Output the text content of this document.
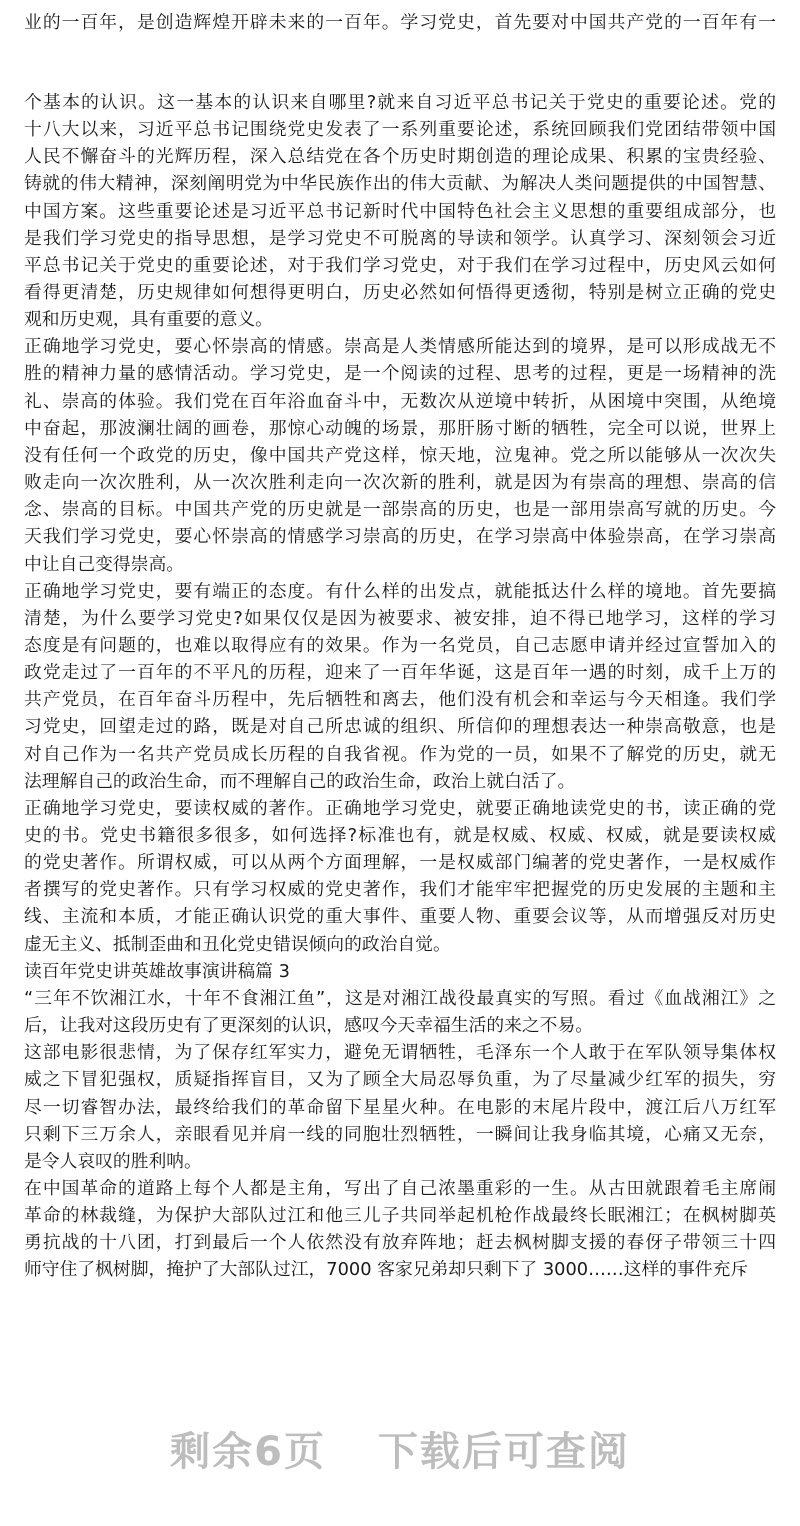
业的一百年，是创造辉煌开辟未来的一百年。学习党史，首先要对中国共产党的一百年有一
个基本的认识。这一基本的认识来自哪里?就来自习近平总书记关于党史的重要论述。党的
十八大以来，习近平总书记围绕党史发表了一系列重要论述，系统回顾我们党团结带领中国
人民不懈奋斗的光辉历程，深入总结党在各个历史时期创造的理论成果、积累的宝贵经验、
铸就的伟大精神，深刻阐明党为中华民族作出的伟大贡献、为解决人类问题提供的中国智慧、
中国方案。这些重要论述是习近平总书记新时代中国特色社会主义思想的重要组成部分，也
是我们学习党史的指导思想，是学习党史不可脱离的导读和领学。认真学习、深刻领会习近
平总书记关于党史的重要论述，对于我们学习党史，对于我们在学习过程中，历史风云如何
看得更清楚，历史规律如何想得更明白，历史必然如何悟得更透彻，特别是树立正确的党史
观和历史观，具有重要的意义。
正确地学习党史，要心怀崇高的情感。崇高是人类情感所能达到的境界，是可以形成战无不
胜的精神力量的感情活动。学习党史，是一个阅读的过程、思考的过程，更是一场精神的洗
礼、崇高的体验。我们党在百年浴血奋斗中，无数次从逆境中转折，从困境中突围，从绝境
中奋起，那波澜壮阔的画卷，那惊心动魄的场景，那肝肠寸断的牺牲，完全可以说，世界上
没有任何一个政党的历史，像中国共产党这样，惊天地，泣鬼神。党之所以能够从一次次失
败走向一次次胜利，从一次次胜利走向一次次新的胜利，就是因为有崇高的理想、崇高的信
念、崇高的目标。中国共产党的历史就是一部崇高的历史，也是一部用崇高写就的历史。今
天我们学习党史，要心怀崇高的情感学习崇高的历史，在学习崇高中体验崇高，在学习崇高
中让自己变得崇高。
正确地学习党史，要有端正的态度。有什么样的出发点，就能抵达什么样的境地。首先要搞
清楚，为什么要学习党史?如果仅仅是因为被要求、被安排，迫不得已地学习，这样的学习
态度是有问题的，也难以取得应有的效果。作为一名党员，自己志愿申请并经过宣誓加入的
政党走过了一百年的不平凡的历程，迎来了一百年华诞，这是百年一遇的时刻，成千上万的
共产党员，在百年奋斗历程中，先后牺牲和离去，他们没有机会和幸运与今天相逢。我们学
习党史，回望走过的路，既是对自己所忠诚的组织、所信仰的理想表达一种崇高敬意，也是
对自己作为一名共产党员成长历程的自我省视。作为党的一员，如果不了解党的历史，就无
法理解自己的政治生命，而不理解自己的政治生命，政治上就白活了。
正确地学习党史，要读权威的著作。正确地学习党史，就要正确地读党史的书，读正确的党
史的书。党史书籍很多很多，如何选择?标准也有，就是权威、权威、权威，就是要读权威
的党史著作。所谓权威，可以从两个方面理解，一是权威部门编著的党史著作，一是权威作
者撰写的党史著作。只有学习权威的党史著作，我们才能牢牢把握党的历史发展的主题和主
线、主流和本质，才能正确认识党的重大事件、重要人物、重要会议等，从而增强反对历史
虚无主义、抵制歪曲和丑化党史错误倾向的政治自觉。
读百年党史讲英雄故事演讲稿篇 3
“三年不饮湘江水，十年不食湘江鱼”，这是对湘江战役最真实的写照。看过《血战湘江》之
后，让我对这段历史有了更深刻的认识，感叹今天幸福生活的来之不易。
这部电影很悲情，为了保存红军实力，避免无谓牺牲，毛泽东一个人敢于在军队领导集体权
威之下冒犯强权，质疑指挥盲目，又为了顾全大局忍辱负重，为了尽量减少红军的损失，穷
尽一切睿智办法，最终给我们的革命留下星星火种。在电影的末尾片段中，渡江后八万红军
只剩下三万余人，亲眼看见并肩一线的同胞壮烈牺牲，一瞬间让我身临其境，心痛又无奈，
是令人哀叹的胜利呐。
在中国革命的道路上每个人都是主角，写出了自己浓墨重彩的一生。从古田就跟着毛主席闹
革命的林裁缝，为保护大部队过江和他三儿子共同举起机枪作战最终长眠湘江；在枫树脚英
勇抗战的十八团，打到最后一个人依然没有放弃阵地；赶去枫树脚支援的春伢子带领三十四
师守住了枫树脚，掩护了大部队过江，7000 客家兄弟却只剩下了 3000……这样的事件充斥
剩余6页 下载后可查阅
